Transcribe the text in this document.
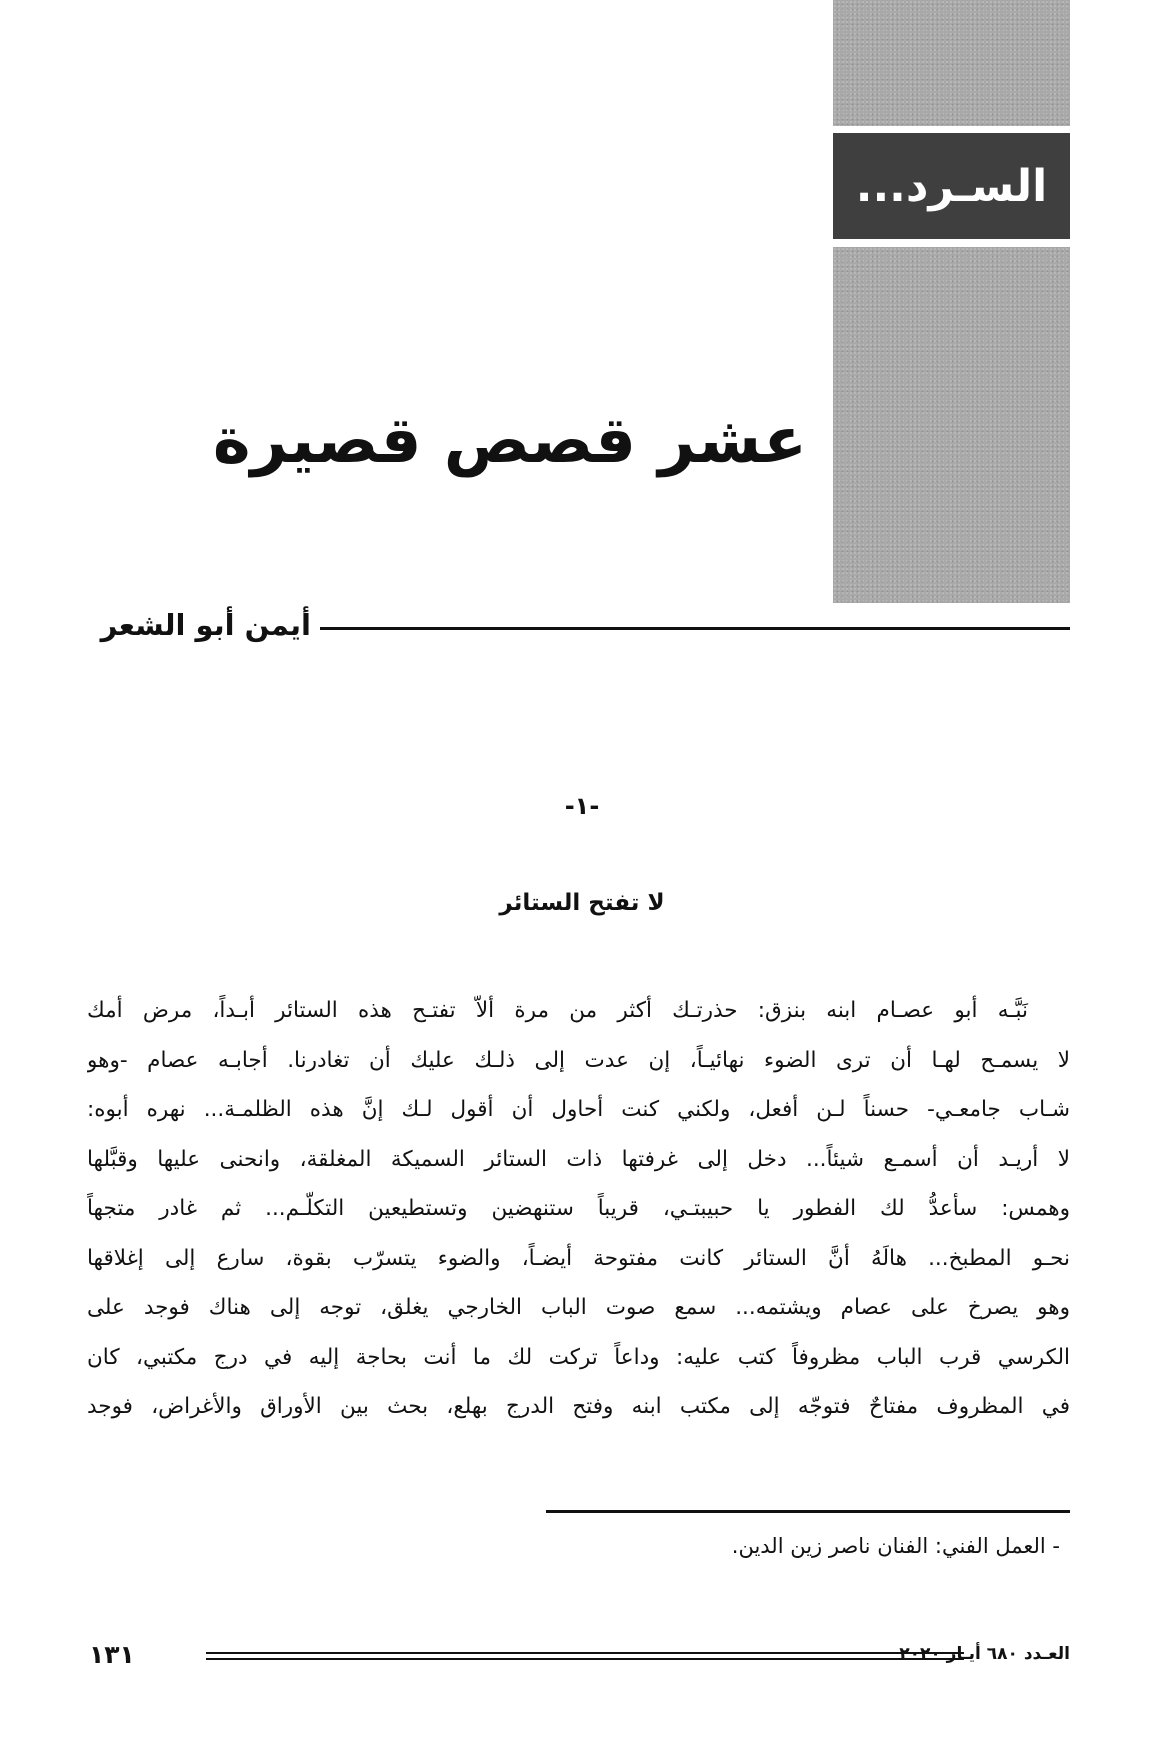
السـرد...
عشر قصص قصيرة
أيمن أبو الشعر
-١-
لا تفتح الستائر
نَبَّـه أبو عصـام ابنه بنزق: حذرتـك أكثر من مرة ألاّ تفتـح هذه الستائر أبـداً، مرض أمك
لا يسمـح لهـا أن ترى الضوء نهائيـاً، إن عدت إلى ذلـك عليك أن تغادرنا. أجابـه عصام -وهو
شـاب جامعـي- حسناً لـن أفعل، ولكني كنت أحاول أن أقول لـك إنَّ هذه الظلمـة... نهره أبوه:
لا أريـد أن أسمـع شيئاً... دخل إلى غرفتها ذات الستائر السميكة المغلقة، وانحنى عليها وقبَّلها
وهمس: سأعدُّ لك الفطور يا حبيبتـي، قريباً ستنهضين وتستطيعين التكلّـم... ثم غادر متجهاً
نحـو المطبخ... هالَهُ أنَّ الستائر كانت مفتوحة أيضـاً، والضوء يتسرّب بقوة، سارع إلى إغلاقها
وهو يصرخ على عصام ويشتمه... سمع صوت الباب الخارجي يغلق، توجه إلى هناك فوجد على
الكرسي قرب الباب مظروفاً كتب عليه: وداعاً تركت لك ما أنت بحاجة إليه في درج مكتبي، كان
في المظروف مفتاحٌ فتوجّه إلى مكتب ابنه وفتح الدرج بهلع، بحث بين الأوراق والأغراض، فوجد
- العمل الفني: الفنان ناصر زين الدين.
١٣١	العـدد ٦٨٠ أيـار ٢٠٢٠
